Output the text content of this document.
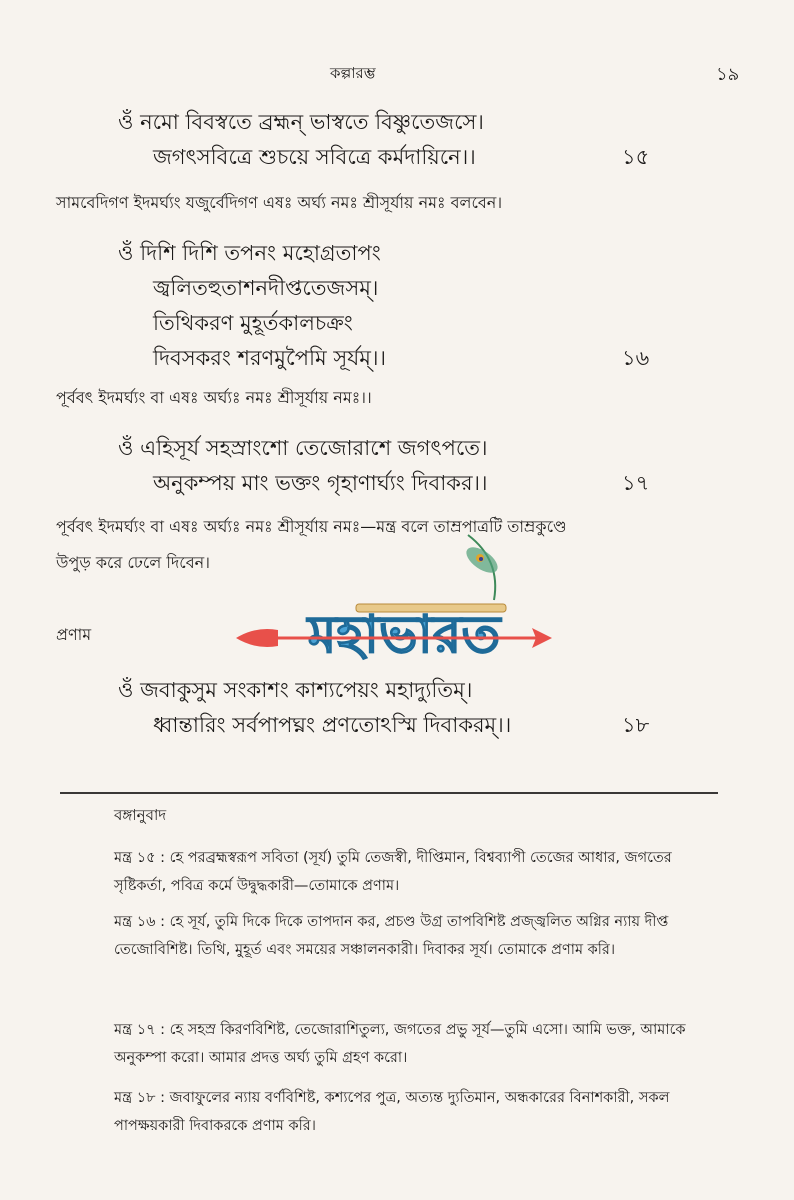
কল্পারম্ভ	১৯
ওঁ নমো বিবস্বতে ব্রহ্মন্ ভাস্বতে বিষ্ণুতেজসে।
জগৎসবিত্রে শুচয়ে সবিত্রে কর্মদায়িনে।।	১৫
সামবেদিগণ ইদমর্ঘ্যং যজুর্বেদিগণ এষঃ অর্ঘ্য নমঃ শ্রীসূর্যায় নমঃ বলবেন।
ওঁ দিশি দিশি তপনং মহোগ্রতাপং
জ্বলিতহুতাশনদীপ্ততেজসম্।
তিথিকরণ মুহূর্তকালচক্রং
দিবসকরং শরণমুপৈমি সূর্যম্।।	১৬
পূর্ববৎ ইদমর্ঘ্যং বা এষঃ অর্ঘ্যঃ নমঃ শ্রীসূর্যায় নমঃ।।
ওঁ এহিসূর্য সহস্রাংশো তেজোরাশে জগৎপতে।
অনুকম্পয় মাং ভক্তং গৃহাণার্ঘ্যং দিবাকর।।	১৭
পূর্ববৎ ইদমর্ঘ্যং বা এষঃ অর্ঘ্যঃ নমঃ শ্রীসূর্যায় নমঃ—মন্ত্র বলে তাম্রপাত্রটি তাম্রকুণ্ডে
উপুড় করে ঢেলে দিবেন।
প্রণাম	মহাভারত
ওঁ জবাকুসুম সংকাশং কাশ্যপেয়ং মহাদ্যুতিম্।
ধ্বান্তারিং সর্বপাপঘ্নং প্রণতোঽস্মি দিবাকরম্।।	১৮
বঙ্গানুবাদ
মন্ত্র ১৫ : হে পরব্রহ্মস্বরূপ সবিতা (সূর্য) তুমি তেজস্বী, দীপ্তিমান, বিশ্বব্যাপী তেজের আধার, জগতের সৃষ্টিকর্তা, পবিত্র কর্মে উদ্বুদ্ধকারী—তোমাকে প্রণাম।
মন্ত্র ১৬ : হে সূর্য, তুমি দিকে দিকে তাপদান কর, প্রচণ্ড উগ্র তাপবিশিষ্ট প্রজ্জ্বলিত অগ্নির ন্যায় দীপ্ত তেজোবিশিষ্ট। তিথি, মুহূর্ত এবং সময়ের সঞ্চালনকারী। দিবাকর সূর্য। তোমাকে প্রণাম করি।
মন্ত্র ১৭ : হে সহস্র কিরণবিশিষ্ট, তেজোরাশিতুল্য, জগতের প্রভু সূর্য—তুমি এসো। আমি ভক্ত, আমাকে অনুকম্পা করো। আমার প্রদত্ত অর্ঘ্য তুমি গ্রহণ করো।
মন্ত্র ১৮ : জবাফুলের ন্যায় বর্ণবিশিষ্ট, কশ্যপের পুত্র, অত্যন্ত দ্যুতিমান, অন্ধকারের বিনাশকারী, সকল পাপক্ষয়কারী দিবাকরকে প্রণাম করি।
